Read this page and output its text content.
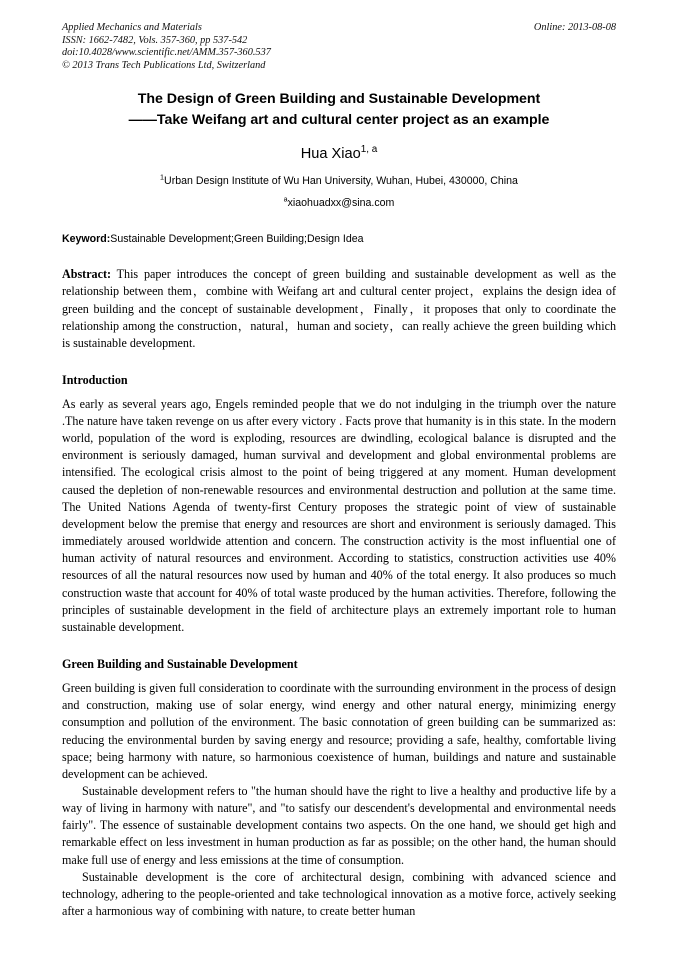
Applied Mechanics and Materials
ISSN: 1662-7482, Vols. 357-360, pp 537-542
doi:10.4028/www.scientific.net/AMM.357-360.537
© 2013 Trans Tech Publications Ltd, Switzerland
Online: 2013-08-08
The Design of Green Building and Sustainable Development
——Take Weifang art and cultural center project as an example
Hua Xiao$^{1, a}$
$^1$Urban Design Institute of Wu Han University, Wuhan, Hubei, 430000, China
$^a$xiaohuadxx@sina.com
Keyword:Sustainable Development;Green Building;Design Idea
Abstract: This paper introduces the concept of green building and sustainable development as well as the relationship between them，combine with Weifang art and cultural center project，explains the design idea of green building and the concept of sustainable development，Finally，it proposes that only to coordinate the relationship among the construction，natural，human and society，can really achieve the green building which is sustainable development.
Introduction
As early as several years ago, Engels reminded people that we do not indulging in the triumph over the nature .The nature have taken revenge on us after every victory . Facts prove that humanity is in this state. In the modern world, population of the word is exploding, resources are dwindling, ecological balance is disrupted and the environment is seriously damaged, human survival and development and global environmental problems are intensified. The ecological crisis almost to the point of being triggered at any moment. Human development caused the depletion of non-renewable resources and environmental destruction and pollution at the same time. The United Nations Agenda of twenty-first Century proposes the strategic point of view of sustainable development below the premise that energy and resources are short and environment is seriously damaged. This immediately aroused worldwide attention and concern. The construction activity is the most influential one of human activity of natural resources and environment. According to statistics, construction activities use 40% resources of all the natural resources now used by human and 40% of the total energy. It also produces so much construction waste that account for 40% of total waste produced by the human activities. Therefore, following the principles of sustainable development in the field of architecture plays an extremely important role to human sustainable development.
Green Building and Sustainable Development
Green building is given full consideration to coordinate with the surrounding environment in the process of design and construction, making use of solar energy, wind energy and other natural energy, minimizing energy consumption and pollution of the environment. The basic connotation of green building can be summarized as: reducing the environmental burden by saving energy and resource; providing a safe, healthy, comfortable living space; being harmony with nature, so harmonious coexistence of human, buildings and nature and sustainable development can be achieved.
Sustainable development refers to "the human should have the right to live a healthy and productive life by a way of living in harmony with nature", and "to satisfy our descendent's developmental and environmental needs fairly". The essence of sustainable development contains two aspects. On the one hand, we should get high and remarkable effect on less investment in human production as far as possible; on the other hand, the human should make full use of energy and less emissions at the time of consumption.
Sustainable development is the core of architectural design, combining with advanced science and technology, adhering to the people-oriented and take technological innovation as a motive force, actively seeking after a harmonious way of combining with nature, to create better human
